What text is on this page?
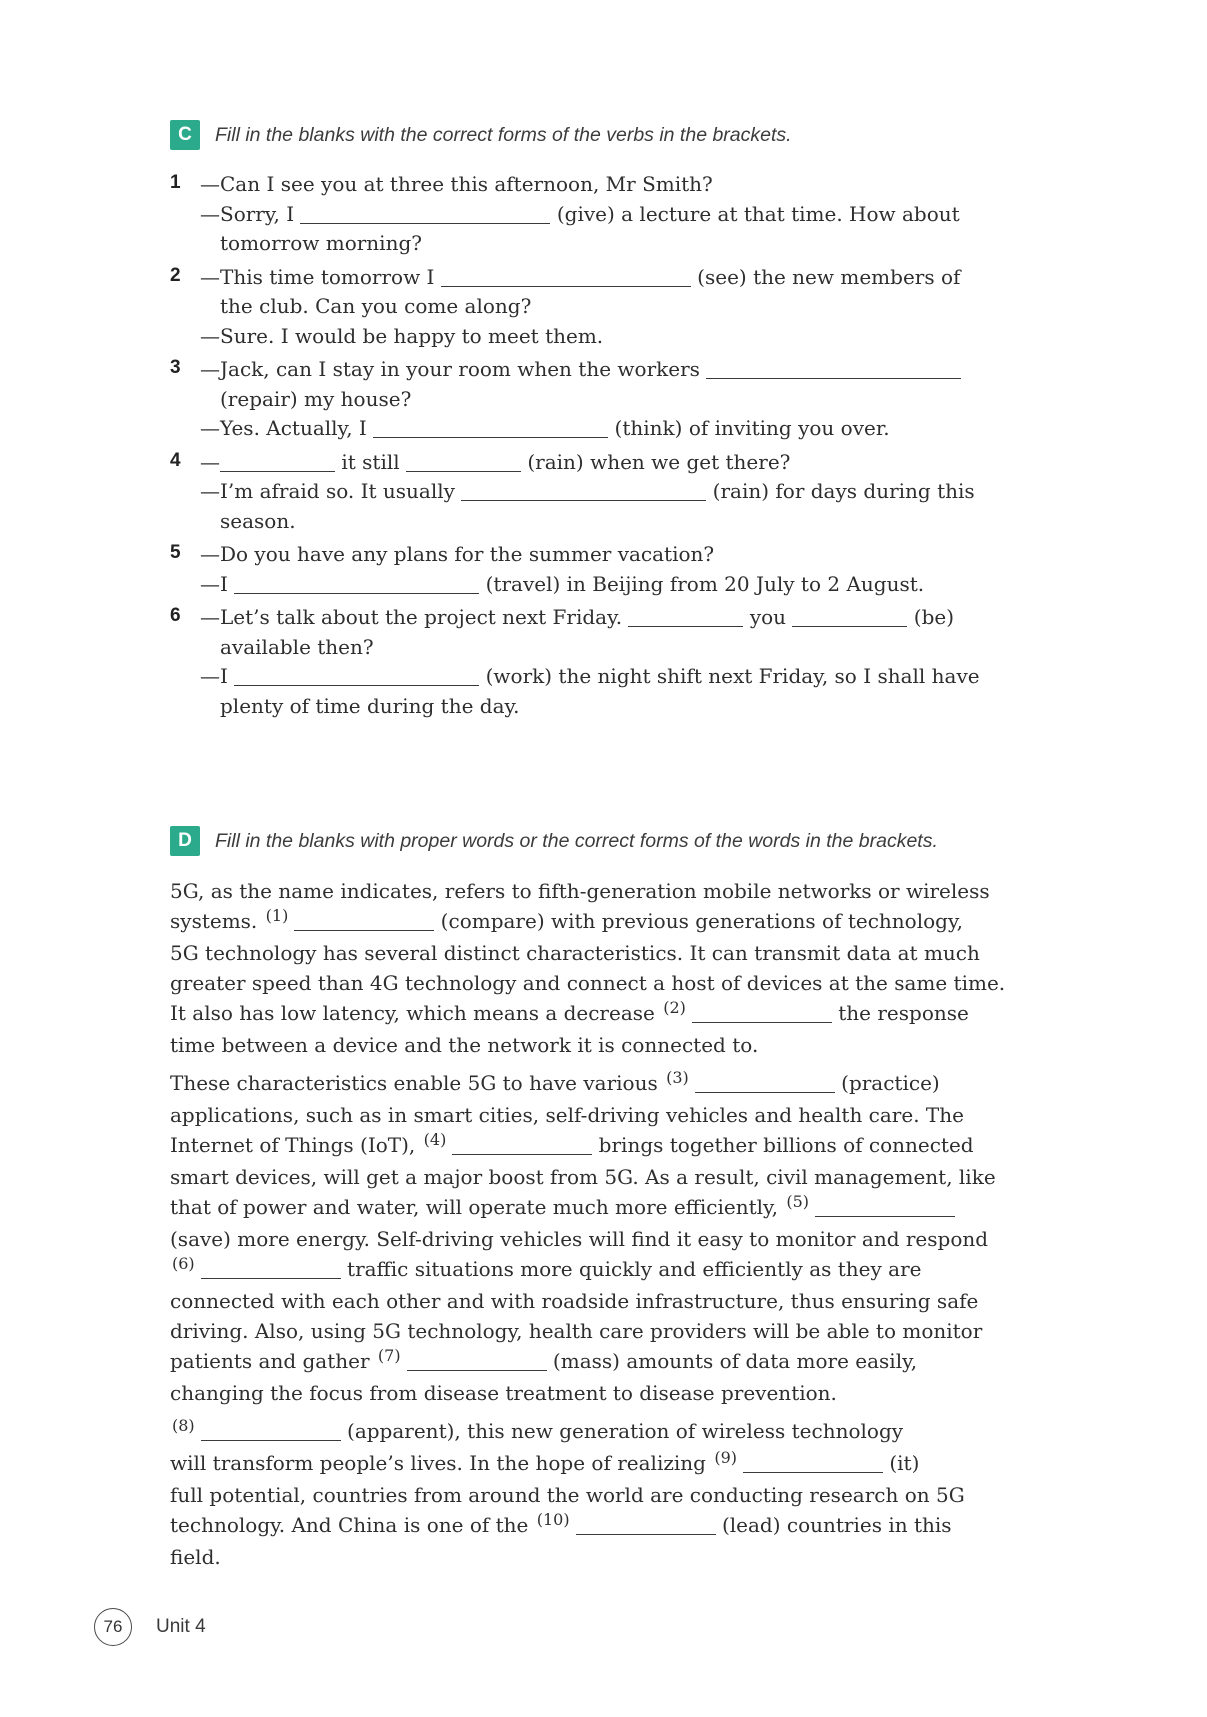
C	Fill in the blanks with the correct forms of the verbs in the brackets.
1 —Can I see you at three this afternoon, Mr Smith?
—Sorry, I	(give) a lecture at that time. How about
tomorrow morning?
2 —This time tomorrow I	(see) the new members of
the club. Can you come along?
—Sure. I would be happy to meet them.
3 —Jack, can I stay in your room when the workers
(repair) my house?
—Yes. Actually, I	(think) of inviting you over.
4 —	it still	(rain) when we get there?
—I’m afraid so. It usually	(rain) for days during this
season.
5 —Do you have any plans for the summer vacation?
—I	(travel) in Beijing from 20 July to 2 August.
6 —Let’s talk about the project next Friday.	you	(be)
available then?
—I	(work) the night shift next Friday, so I shall have
plenty of time during the day.
D	Fill in the blanks with proper words or the correct forms of the words in the brackets.
5G, as the name indicates, refers to fifth-generation mobile networks or wireless
systems. $^{(1)}$	(compare) with previous generations of technology,
5G technology has several distinct characteristics. It can transmit data at much
greater speed than 4G technology and connect a host of devices at the same time.
It also has low latency, which means a decrease $^{(2)}$	the response
time between a device and the network it is connected to.
These characteristics enable 5G to have various $^{(3)}$	(practice)
applications, such as in smart cities, self-driving vehicles and health care. The
Internet of Things (IoT), $^{(4)}$	brings together billions of connected
smart devices, will get a major boost from 5G. As a result, civil management, like
that of power and water, will operate much more efficiently, $^{(5)}$
(save) more energy. Self-driving vehicles will find it easy to monitor and respond
$^{(6)}$	traffic situations more quickly and efficiently as they are
connected with each other and with roadside infrastructure, thus ensuring safe
driving. Also, using 5G technology, health care providers will be able to monitor
patients and gather $^{(7)}$	(mass) amounts of data more easily,
changing the focus from disease treatment to disease prevention.
$^{(8)}$	(apparent), this new generation of wireless technology
will transform people’s lives. In the hope of realizing $^{(9)}$	(it)
full potential, countries from around the world are conducting research on 5G
technology. And China is one of the $^{(10)}$	(lead) countries in this
field.
76 Unit 4
